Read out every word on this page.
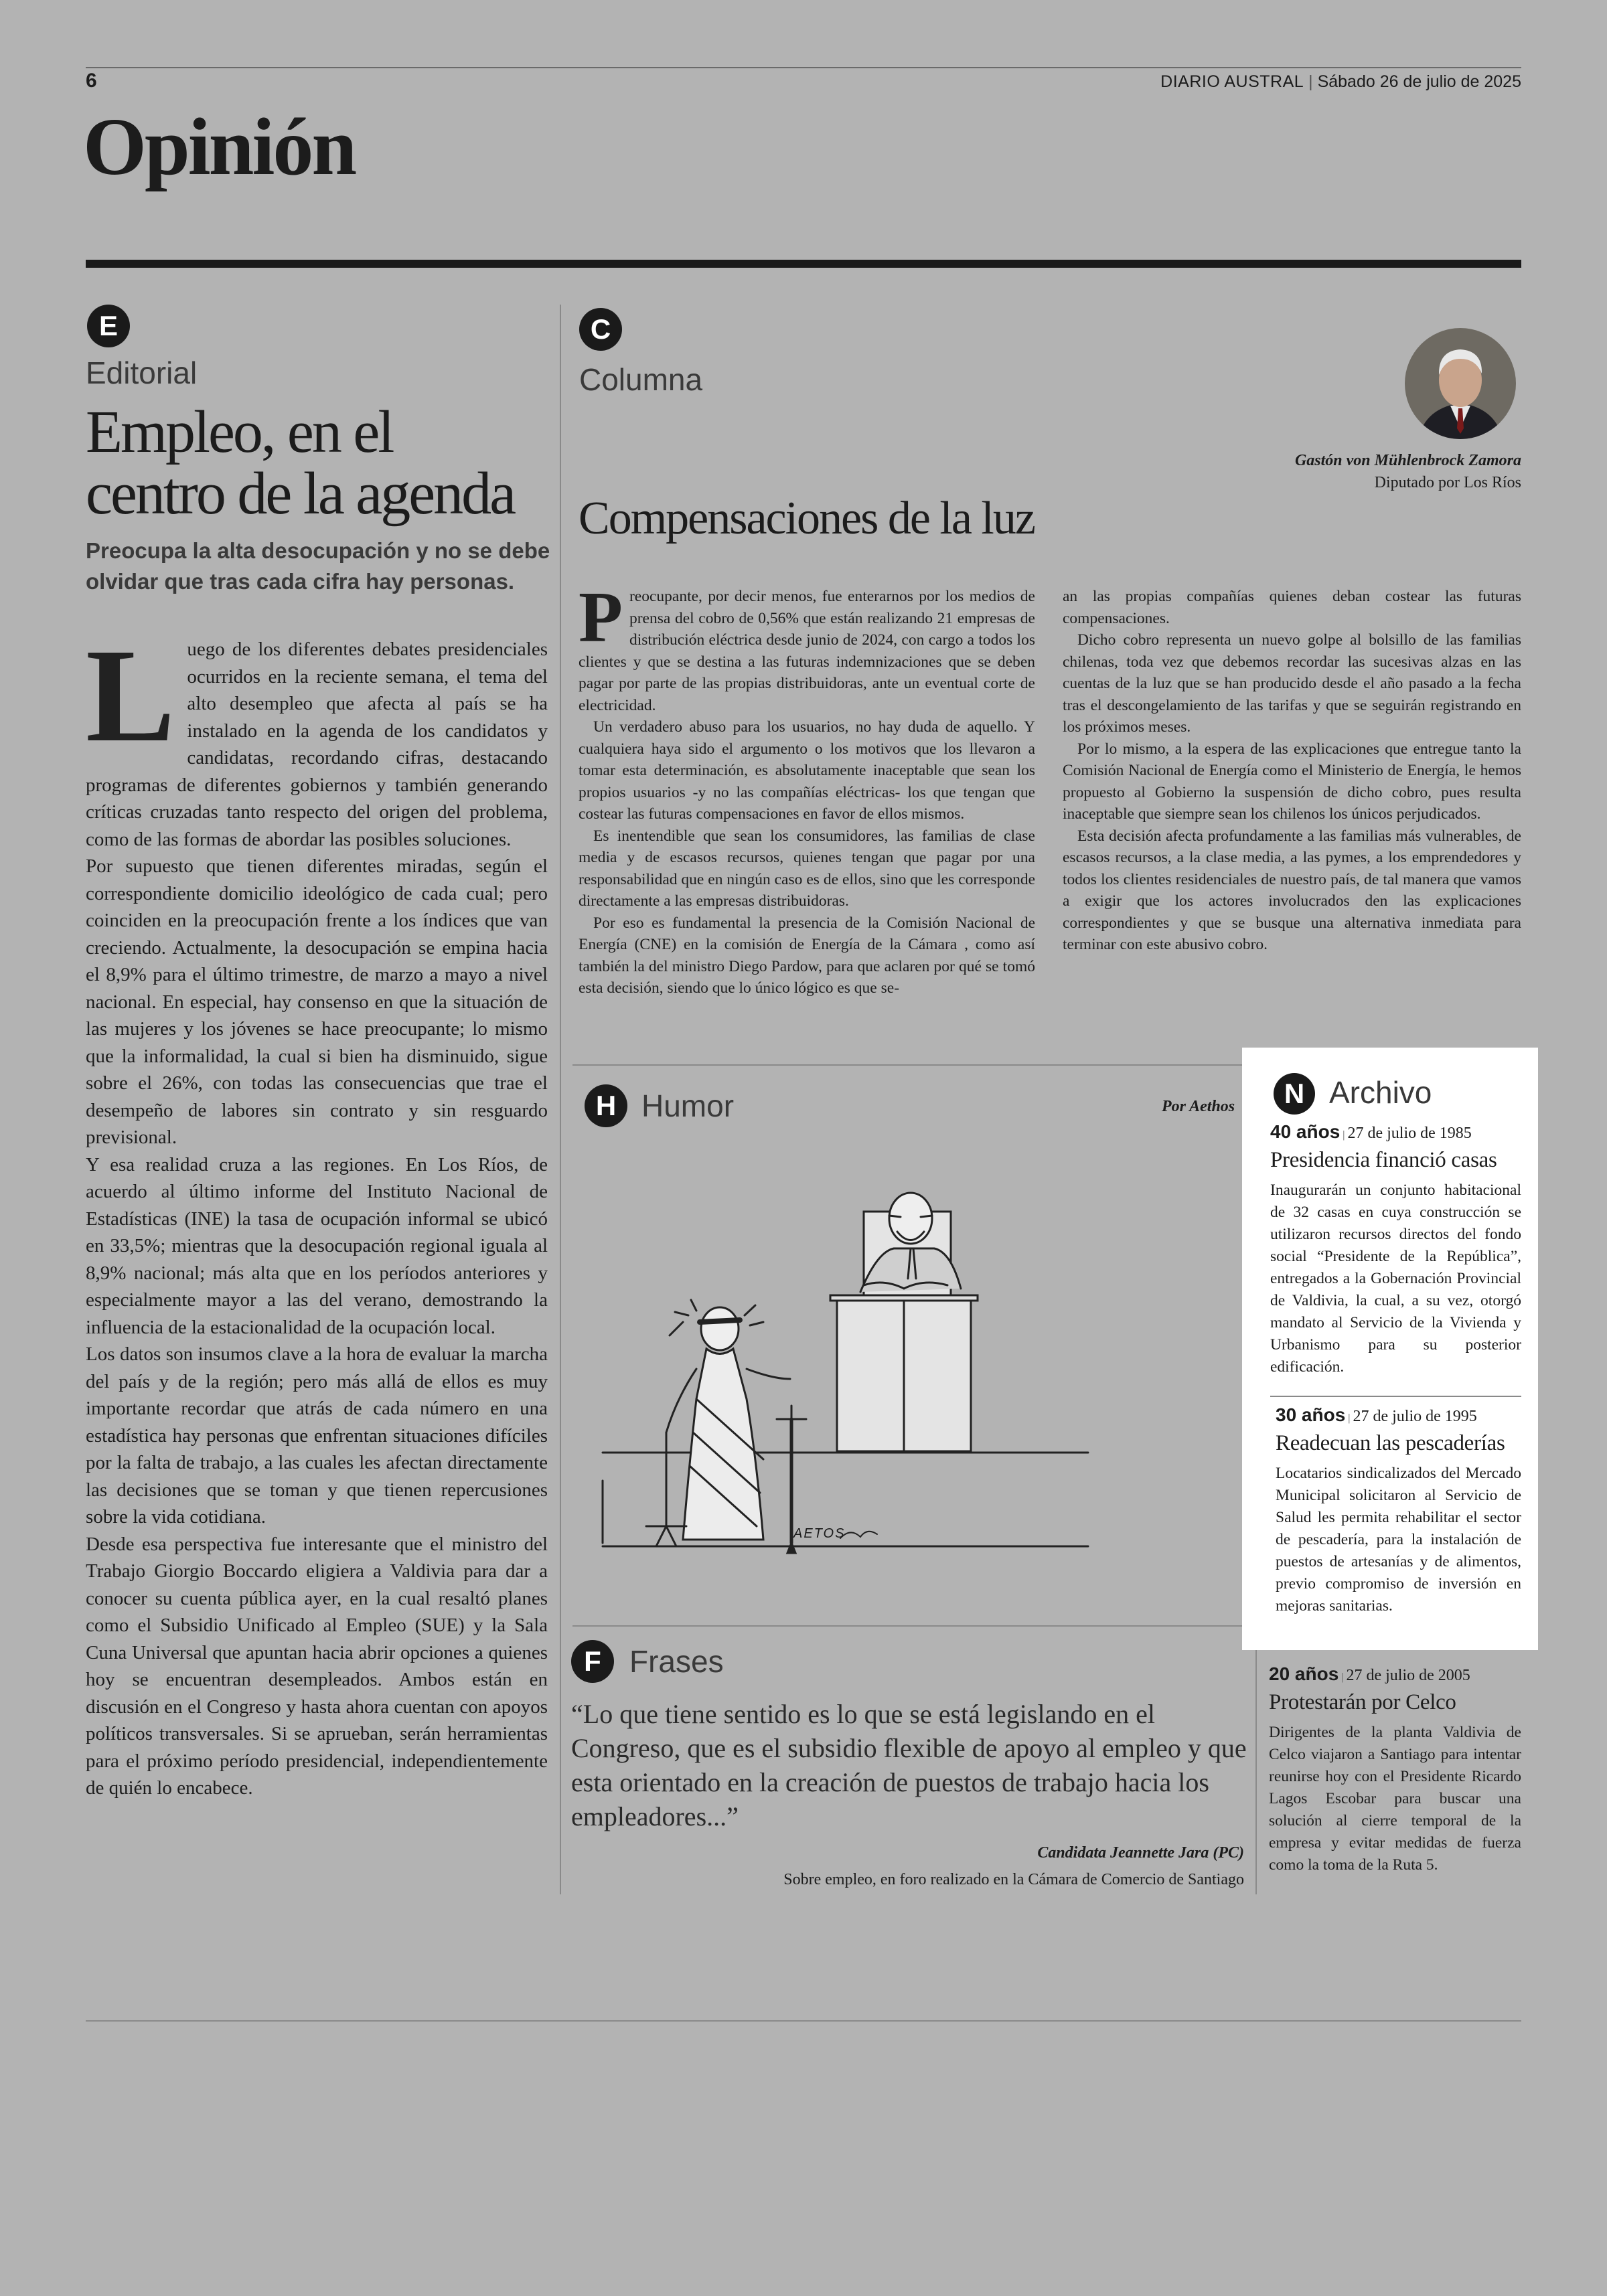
6	DIARIO AUSTRAL | Sábado 26 de julio de 2025
Opinión
E
Editorial
Empleo, en el
centro de la agenda
Preocupa la alta desocupación y no se debe olvidar que tras cada cifra hay personas.

Luego de los diferentes debates presidenciales ocurridos en la reciente semana, el tema del alto desempleo que afecta al país se ha instalado en la agenda de los candidatos y candidatas, recordando cifras, destacando programas de diferentes gobiernos y también generando críticas cruzadas tanto respecto del origen del problema, como de las formas de abordar las posibles soluciones.

Por supuesto que tienen diferentes miradas, según el correspondiente domicilio ideológico de cada cual; pero coinciden en la preocupación frente a los índices que van creciendo. Actualmente, la desocupación se empina hacia el 8,9% para el último trimestre, de marzo a mayo a nivel nacional. En especial, hay consenso en que la situación de las mujeres y los jóvenes se hace preocupante; lo mismo que la informalidad, la cual si bien ha disminuido, sigue sobre el 26%, con todas las consecuencias que trae el desempeño de labores sin contrato y sin resguardo previsional.

Y esa realidad cruza a las regiones. En Los Ríos, de acuerdo al último informe del Instituto Nacional de Estadísticas (INE) la tasa de ocupación informal se ubicó en 33,5%; mientras que la desocupación regional iguala al 8,9% nacional; más alta que en los períodos anteriores y especialmente mayor a las del verano, demostrando la influencia de la estacionalidad de la ocupación local.

Los datos son insumos clave a la hora de evaluar la marcha del país y de la región; pero más allá de ellos es muy importante recordar que atrás de cada número en una estadística hay personas que enfrentan situaciones difíciles por la falta de trabajo, a las cuales les afectan directamente las decisiones que se toman y que tienen repercusiones sobre la vida cotidiana.

Desde esa perspectiva fue interesante que el ministro del Trabajo Giorgio Boccardo eligiera a Valdivia para dar a conocer su cuenta pública ayer, en la cual resaltó planes como el Subsidio Unificado al Empleo (SUE) y la Sala Cuna Universal que apuntan hacia abrir opciones a quienes hoy se encuentran desempleados. Ambos están en discusión en el Congreso y hasta ahora cuentan con apoyos políticos transversales. Si se aprueban, serán herramientas para el próximo período presidencial, independientemente de quién lo encabece.

C
Columna
Gastón von Mühlenbrock Zamora
Diputado por Los Ríos
Compensaciones de la luz

Preocupante, por decir menos, fue enterarnos por los medios de prensa del cobro de 0,56% que están realizando 21 empresas de distribución eléctrica desde junio de 2024, con cargo a todos los clientes y que se destina a las futuras indemnizaciones que se deben pagar por parte de las propias distribuidoras, ante un eventual corte de electricidad.

Un verdadero abuso para los usuarios, no hay duda de aquello. Y cualquiera haya sido el argumento o los motivos que los llevaron a tomar esta determinación, es absolutamente inaceptable que sean los propios usuarios -y no las compañías eléctricas- los que tengan que costear las futuras compensaciones en favor de ellos mismos.

Es inentendible que sean los consumidores, las familias de clase media y de escasos recursos, quienes tengan que pagar por una responsabilidad que en ningún caso es de ellos, sino que les corresponde directamente a las empresas distribuidoras.

Por eso es fundamental la presencia de la Comisión Nacional de Energía (CNE) en la comisión de Energía de la Cámara , como así también la del ministro Diego Pardow, para que aclaren por qué se tomó esta decisión, siendo que lo único lógico es que se-

an las propias compañías quienes deban costear las futuras compensaciones.

Dicho cobro representa un nuevo golpe al bolsillo de las familias chilenas, toda vez que debemos recordar las sucesivas alzas en las cuentas de la luz que se han producido desde el año pasado a la fecha tras el descongelamiento de las tarifas y que se seguirán registrando en los próximos meses.

Por lo mismo, a la espera de las explicaciones que entregue tanto la Comisión Nacional de Energía como el Ministerio de Energía, le hemos propuesto al Gobierno la suspensión de dicho cobro, pues resulta inaceptable que siempre sean los chilenos los únicos perjudicados.

Esta decisión afecta profundamente a las familias más vulnerables, de escasos recursos, a la clase media, a las pymes, a los emprendedores y todos los clientes residenciales de nuestro país, de tal manera que vamos a exigir que los actores involucrados den las explicaciones correspondientes y que se busque una alternativa inmediata para terminar con este abusivo cobro.

H Humor	Por Aethos
AETOS
F Frases
“Lo que tiene sentido es lo que se está legislando en el Congreso, que es el subsidio flexible de apoyo al empleo y que esta orientado en la creación de puestos de trabajo hacia los empleadores...”
Candidata Jeannette Jara (PC)
Sobre empleo, en foro realizado en la Cámara de Comercio de Santiago
N Archivo
40 años | 27 de julio de 1985
Presidencia financió casas
Inaugurarán un conjunto habitacional de 32 casas en cuya construcción se utilizaron recursos directos del fondo social “Presidente de la República”, entregados a la Gobernación Provincial de Valdivia, la cual, a su vez, otorgó mandato al Servicio de la Vivienda y Urbanismo para su posterior edificación.
30 años | 27 de julio de 1995
Readecuan las pescaderías
Locatarios sindicalizados del Mercado Municipal solicitaron al Servicio de Salud les permita rehabilitar el sector de pescadería, para la instalación de puestos de artesanías y de alimentos, previo compromiso de inversión en mejoras sanitarias.
20 años | 27 de julio de 2005
Protestarán por Celco
Dirigentes de la planta Valdivia de Celco viajaron a Santiago para intentar reunirse hoy con el Presidente Ricardo Lagos Escobar para buscar una solución al cierre temporal de la empresa y evitar medidas de fuerza como la toma de la Ruta 5.
